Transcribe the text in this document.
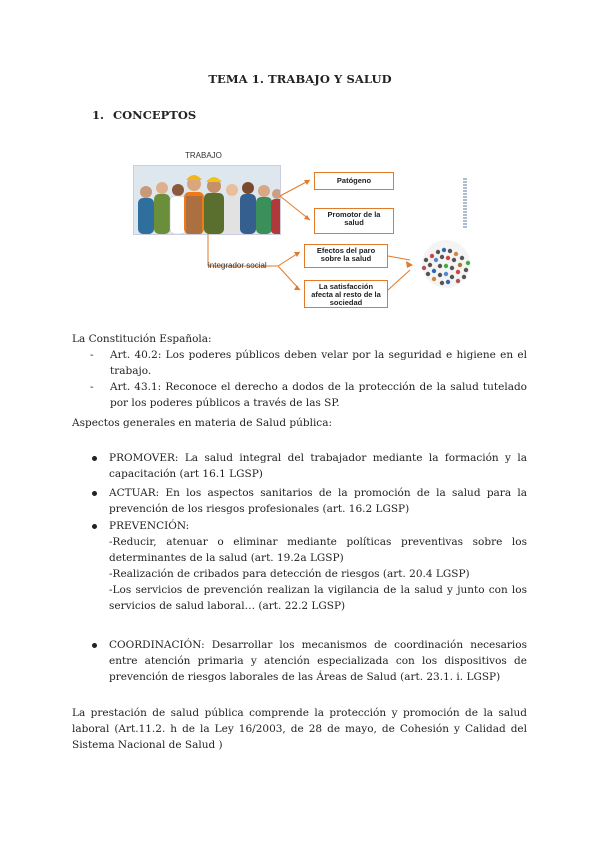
TEMA 1. TRABAJO Y SALUD
1. CONCEPTOS
TRABAJO
integrador social
Patógeno
Promotor de la salud
Efectos del paro sobre la salud
La satisfacción afecta al resto de la sociedad
La Constitución Española:
- Art. 40.2: Los poderes públicos deben velar por la seguridad e higiene en el trabajo.
- Art. 43.1: Reconoce el derecho a dodos de la protección de la salud tutelado por los poderes públicos a través de las SP.
Aspectos generales en materia de Salud pública:
PROMOVER: La salud integral del trabajador mediante la formación y la capacitación (art 16.1 LGSP)
ACTUAR: En los aspectos sanitarios de la promoción de la salud para la prevención de los riesgos profesionales (art. 16.2 LGSP)
PREVENCIÓN:
-Reducir, atenuar o eliminar mediante políticas preventivas sobre los determinantes de la salud (art. 19.2a LGSP)
-Realización de cribados para detección de riesgos (art. 20.4 LGSP)
-Los servicios de prevención realizan la vigilancia de la salud y junto con los servicios de salud laboral… (art. 22.2 LGSP)
COORDINACIÓN: Desarrollar los mecanismos de coordinación necesarios entre atención primaria y atención especializada con los dispositivos de prevención de riesgos laborales de las Áreas de Salud (art. 23.1. i. LGSP)
La prestación de salud pública comprende la protección y promoción de la salud laboral (Art.11.2. h de la Ley 16/2003, de 28 de mayo, de Cohesión y Calidad del Sistema Nacional de Salud )
